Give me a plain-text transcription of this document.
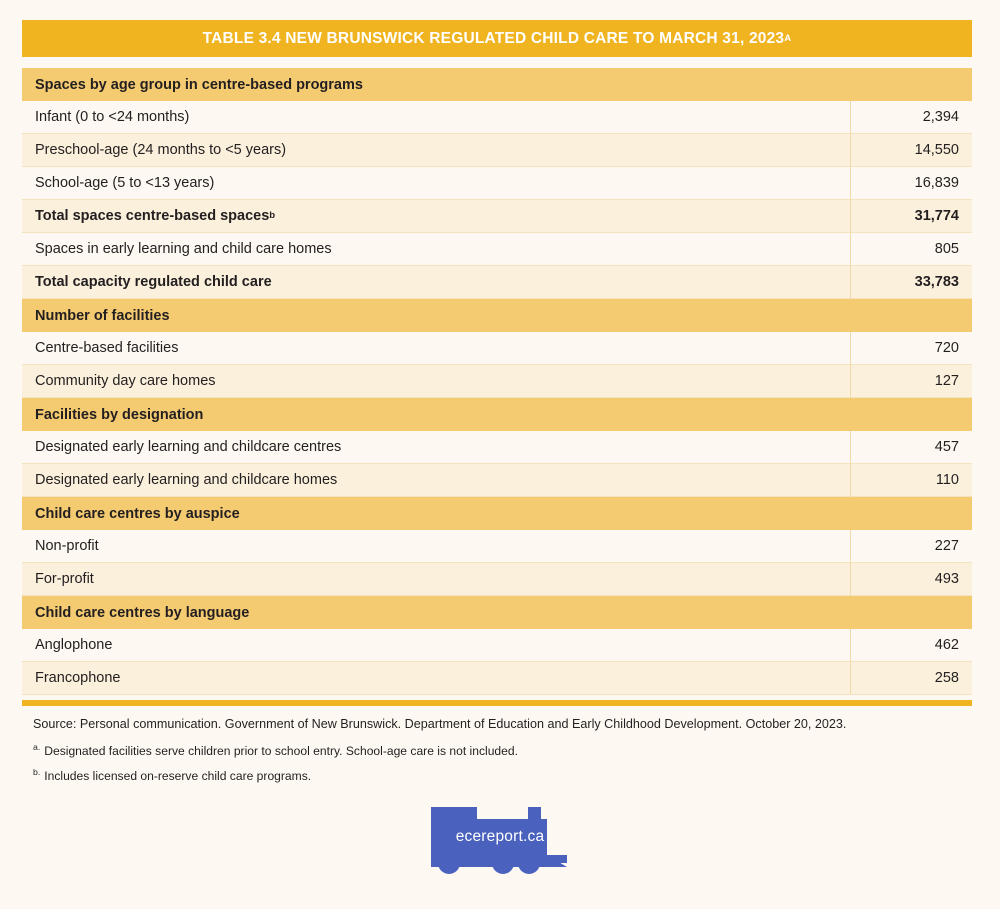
TABLE 3.4 NEW BRUNSWICK REGULATED CHILD CARE TO MARCH 31, 2023 A
Spaces by age group in centre-based programs
Infant (0 to <24 months)	2,394
Preschool-age (24 months to <5 years)	14,550
School-age (5 to <13 years)	16,839
Total spaces centre-based spaces b	31,774
Spaces in early learning and child care homes	805
Total capacity regulated child care	33,783
Number of facilities
Centre-based facilities	720
Community day care homes	127
Facilities by designation
Designated early learning and childcare centres	457
Designated early learning and childcare homes	110
Child care centres by auspice
Non-profit	227
For-profit	493
Child care centres by language
Anglophone	462
Francophone	258

Source: Personal communication. Government of New Brunswick. Department of Education and Early Childhood Development. October 20, 2023.

$^{a.}$ Designated facilities serve children prior to school entry. School-age care is not included.

$^{b.}$ Includes licensed on-reserve child care programs.

ecereport.ca
